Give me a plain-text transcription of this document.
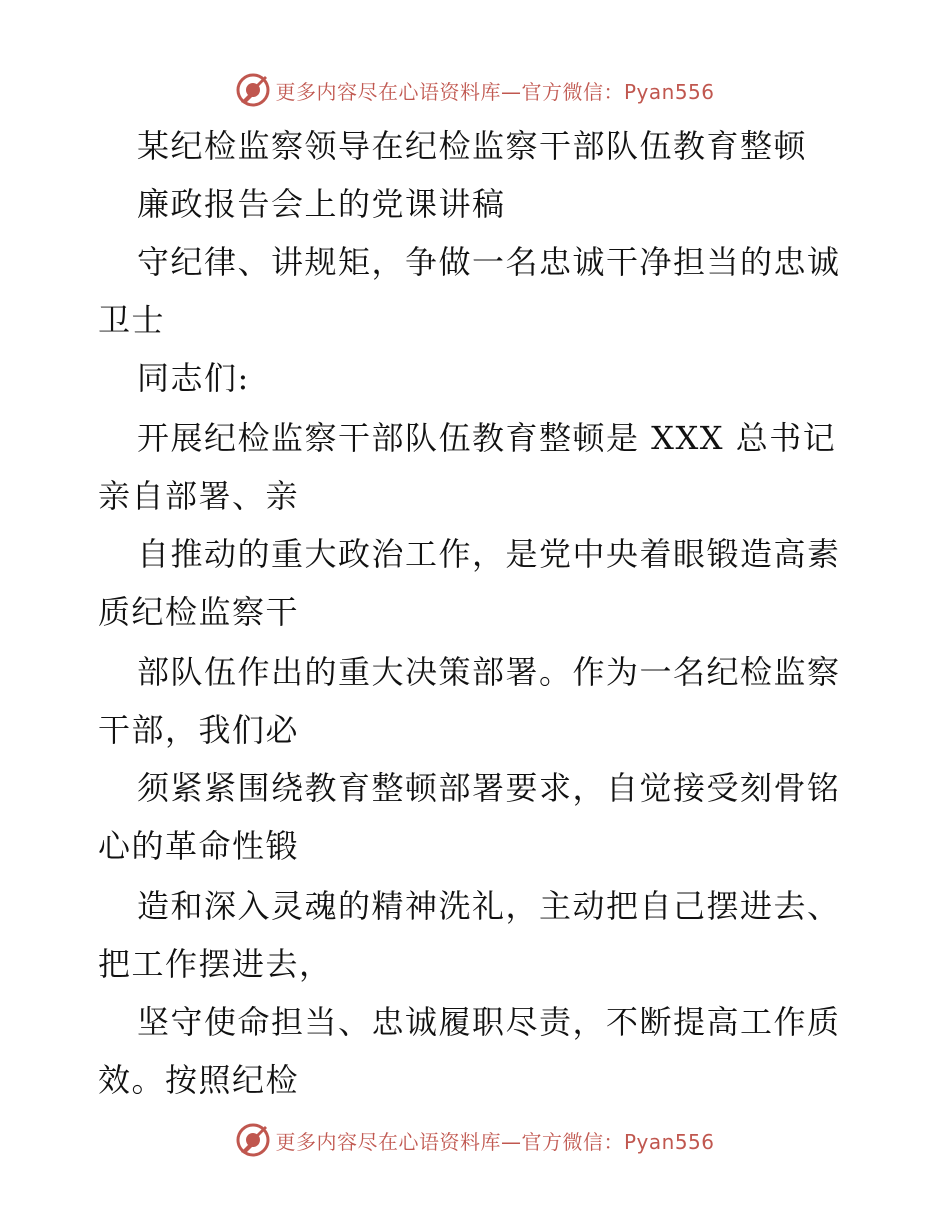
更多内容尽在心语资料库—官方微信：Pyan556
某纪检监察领导在纪检监察干部队伍教育整顿
廉政报告会上的党课讲稿
守纪律、讲规矩，争做一名忠诚干净担当的忠诚
卫士
同志们:
开展纪检监察干部队伍教育整顿是 XXX 总书记
亲自部署、亲
自推动的重大政治工作，是党中央着眼锻造高素
质纪检监察干
部队伍作出的重大决策部署。作为一名纪检监察
干部，我们必
须紧紧围绕教育整顿部署要求，自觉接受刻骨铭
心的革命性锻
造和深入灵魂的精神洗礼，主动把自己摆进去、
把工作摆进去，
坚守使命担当、忠诚履职尽责，不断提高工作质
效。按照纪检
更多内容尽在心语资料库—官方微信：Pyan556
